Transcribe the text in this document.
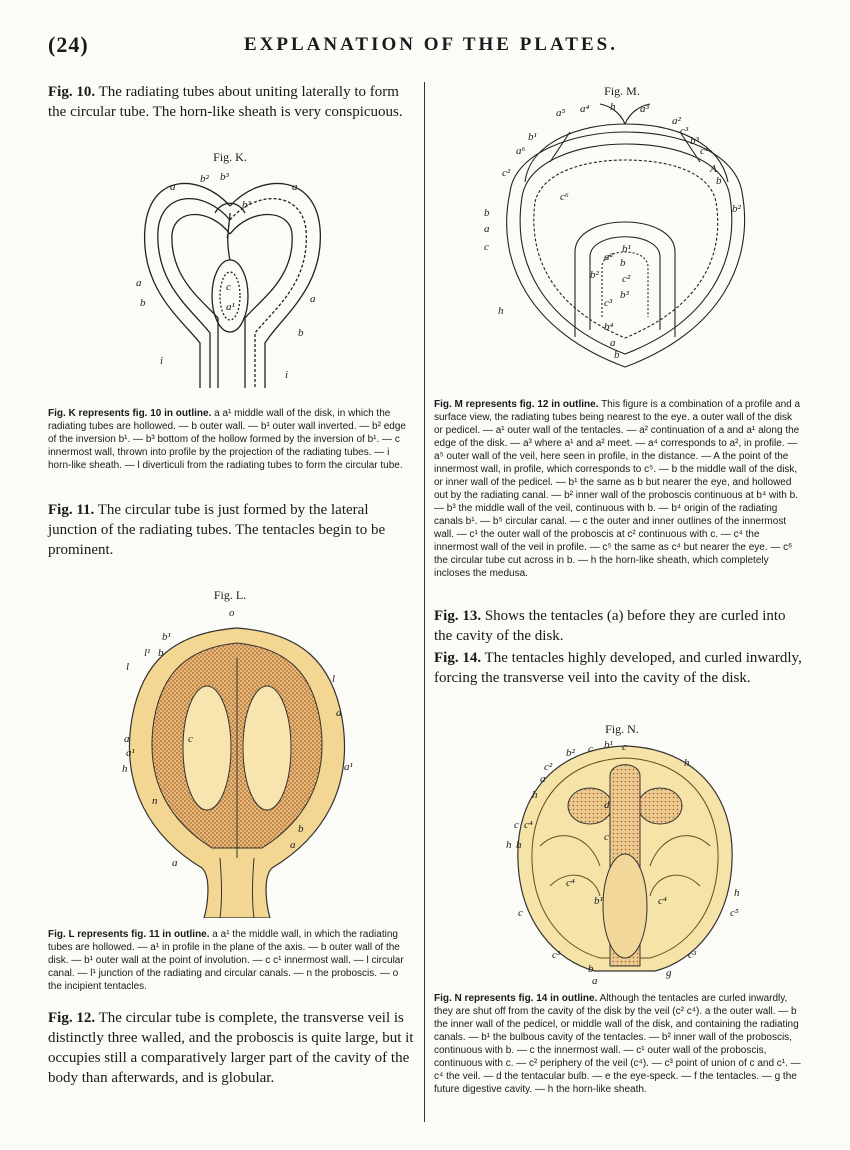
(24)	EXPLANATION OF THE PLATES.
Fig. 10. The radiating tubes about uniting laterally to form the circular tube. The horn-like sheath is very conspicuous.
Fig. K.
a
b² b³
a
b³
l
a
b
c
a¹
a
b
i
i
Fig. K represents fig. 10 in outline. a a¹ middle wall of the disk, in which the radiating tubes are hollowed. — b outer wall. — b¹ outer wall inverted. — b² edge of the inversion b¹. — b³ bottom of the hollow formed by the inversion of b¹. — c innermost wall, thrown into profile by the projection of the radiating tubes. — i horn-like sheath. — l diverticuli from the radiating tubes to form the circular tube.
Fig. 11. The circular tube is just formed by the lateral junction of the radiating tubes. The tentacles begin to be prominent.
Fig. L.
o
b¹
l¹ b
l
l
a
a
a¹
h
n
a¹
c
b
a
a
Fig. L represents fig. 11 in outline. a a¹ the middle wall, in which the radiating tubes are hollowed. — a¹ in profile in the plane of the axis. — b outer wall of the disk. — b¹ outer wall at the point of involution. — c c¹ innermost wall. — l circular canal. — l¹ junction of the radiating and circular canals. — n the proboscis. — o the incipient tentacles.
Fig. 12. The circular tube is complete, the transverse veil is distinctly three walled, and the proboscis is quite large, but it occupies still a comparatively larger part of the cavity of the body than afterwards, and is globular.
Fig. M.
a⁵ a⁴ h a³
a²
b¹	c³
b³
a⁶	c¹
c²	A
b
c⁶
b²
b
a
c
a²
b¹
b
b² c²
b³
c³
h
b⁴
a
b
Fig. M represents fig. 12 in outline. This figure is a combination of a profile and a surface view, the radiating tubes being nearest to the eye. a outer wall of the disk or pedicel. — a¹ outer wall of the tentacles. — a² continuation of a and a¹ along the edge of the disk. — a³ where a¹ and a² meet. — a⁴ corresponds to a², in profile. — a⁵ outer wall of the veil, here seen in profile, in the distance. — A the point of the innermost wall, in profile, which corresponds to c⁵. — b the middle wall of the disk, or inner wall of the pedicel. — b¹ the same as b but nearer the eye, and hollowed out by the radiating canal. — b² inner wall of the proboscis continuous at b⁴ with b. — b³ the middle wall of the veil, continuous with b. — b⁴ origin of the radiating canals b¹. — b⁵ circular canal. — c the outer and inner outlines of the innermost wall. — c¹ the outer wall of the proboscis at c² continuous with c. — c⁴ the innermost wall of the veil in profile. — c⁵ the same as c⁴ but nearer the eye. — c⁶ the circular tube cut across in b. — h the horn-like sheath, which completely incloses the medusa.
Fig. 13. Shows the tentacles (a) before they are curled into the cavity of the disk.
Fig. 14. The tentacles highly developed, and curled inwardly, forcing the transverse veil into the cavity of the disk.
Fig. N.
b² c b¹ c
h
c²
a
h
c c⁴
h h
d
c
c⁴
b¹	c⁴
h
c	c⁵
c³	c³
b
a
g
Fig. N represents fig. 14 in outline. Although the tentacles are curled inwardly, they are shut off from the cavity of the disk by the veil (c² c⁴). a the outer wall. — b the inner wall of the pedicel, or middle wall of the disk, and containing the radiating canals. — b¹ the bulbous cavity of the tentacles. — b² inner wall of the proboscis, continuous with b. — c the innermost wall. — c¹ outer wall of the proboscis, continuous with c. — c² periphery of the veil (c⁴). — c³ point of union of c and c¹. — c⁴ the veil. — d the tentacular bulb. — e the eye-speck. — f the tentacles. — g the future digestive cavity. — h the horn-like sheath.
